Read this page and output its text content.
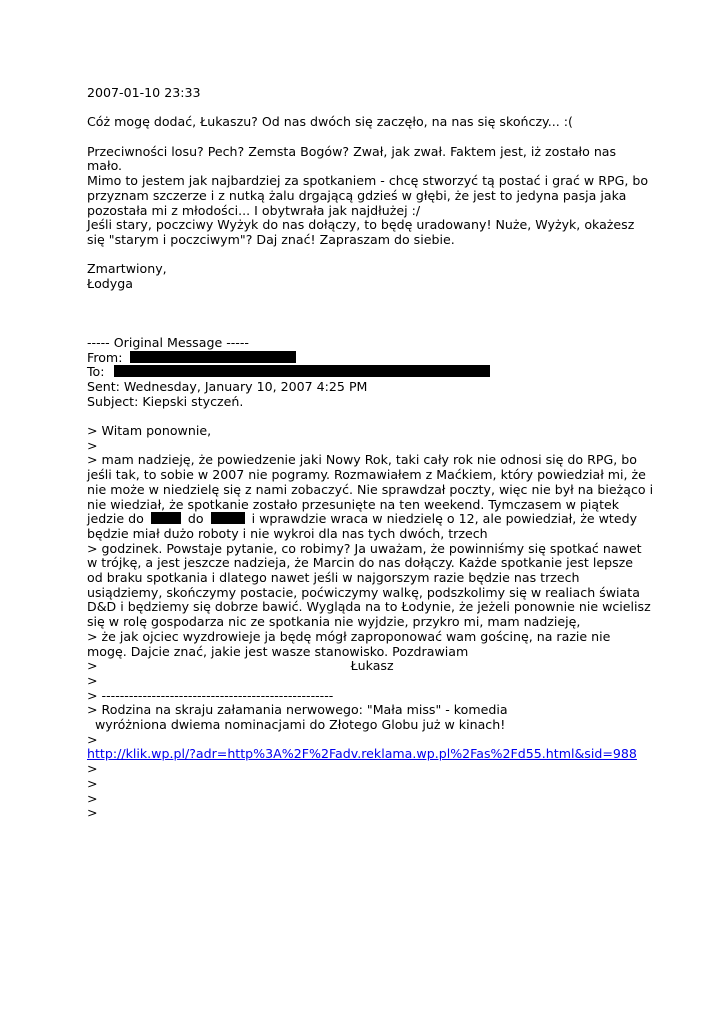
2007-01-10 23:33
Cóż mogę dodać, Łukaszu? Od nas dwóch się zaczęło, na nas się skończy... :(
Przeciwności losu? Pech? Zemsta Bogów? Zwał, jak zwał. Faktem jest, iż zostało nas
mało.
Mimo to jestem jak najbardziej za spotkaniem - chcę stworzyć tą postać i grać w RPG, bo
przyznam szczerze i z nutką żalu drgającą gdzieś w głębi, że jest to jedyna pasja jaka
pozostała mi z młodości... I obytwrała jak najdłużej :/
Jeśli stary, poczciwy Wyżyk do nas dołączy, to będę uradowany! Nuże, Wyżyk, okażesz
się "starym i poczciwym"? Daj znać! Zapraszam do siebie.
Zmartwiony,
Łodyga
----- Original Message -----
From:
To:
Sent: Wednesday, January 10, 2007 4:25 PM
Subject: Kiepski styczeń.
> Witam ponownie,
>
> mam nadzieję, że powiedzenie jaki Nowy Rok, taki cały rok nie odnosi się do RPG, bo
jeśli tak, to sobie w 2007 nie pogramy. Rozmawiałem z Maćkiem, który powiedział mi, że
nie może w niedzielę się z nami zobaczyć. Nie sprawdzał poczty, więc nie był na bieżąco i
nie wiedział, że spotkanie zostało przesunięte na ten weekend. Tymczasem w piątek
jedzie do	do	i wprawdzie wraca w niedzielę o 12, ale powiedział, że wtedy
będzie miał dużo roboty i nie wykroi dla nas tych dwóch, trzech
> godzinek. Powstaje pytanie, co robimy? Ja uważam, że powinniśmy się spotkać nawet
w trójkę, a jest jeszcze nadzieja, że Marcin do nas dołączy. Każde spotkanie jest lepsze
od braku spotkania i dlatego nawet jeśli w najgorszym razie będzie nas trzech
usiądziemy, skończymy postacie, poćwiczymy walkę, podszkolimy się w realiach świata
D&D i będziemy się dobrze bawić. Wygląda na to Łodynie, że jeżeli ponownie nie wcielisz
się w rolę gospodarza nic ze spotkania nie wyjdzie, przykro mi, mam nadzieję,
> że jak ojciec wyzdrowieje ja będę mógł zaproponować wam gościnę, na razie nie
mogę. Dajcie znać, jakie jest wasze stanowisko. Pozdrawiam
>	Łukasz
>
> ---------------------------------------------------
> Rodzina na skraju załamania nerwowego: "Mała miss" - komedia
wyróżniona dwiema nominacjami do Złotego Globu już w kinach!
>
http://klik.wp.pl/?adr=http%3A%2F%2Fadv.reklama.wp.pl%2Fas%2Fd55.html&sid=988
>
>
>
>
